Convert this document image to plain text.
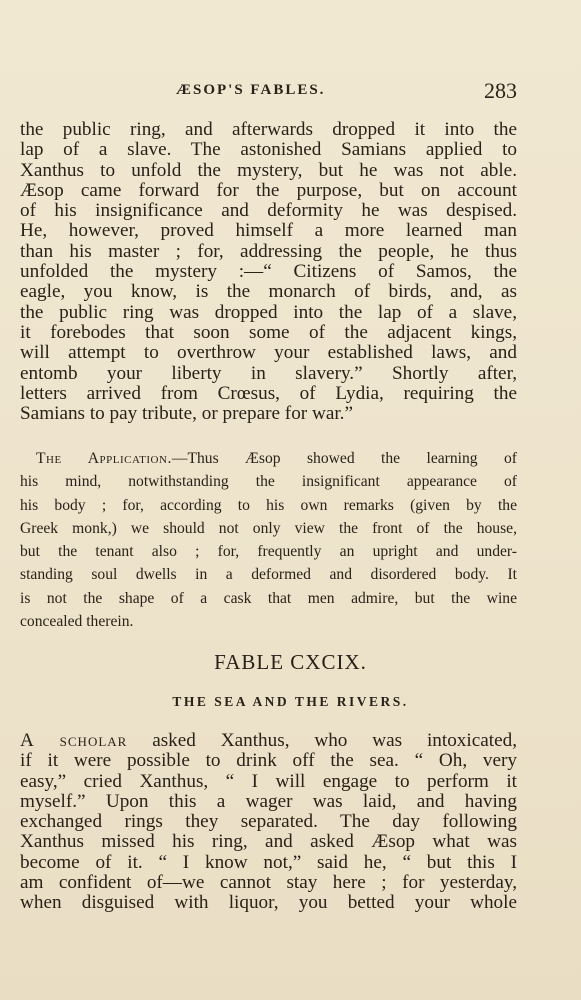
ÆSOP'S FABLES.	283
the public ring, and afterwards dropped it into the
lap of a slave. The astonished Samians applied to
Xanthus to unfold the mystery, but he was not able.
Æsop came forward for the purpose, but on account
of his insignificance and deformity he was despised.
He, however, proved himself a more learned man
than his master ; for, addressing the people, he thus
unfolded the mystery :—“ Citizens of Samos, the
eagle, you know, is the monarch of birds, and, as
the public ring was dropped into the lap of a slave,
it forebodes that soon some of the adjacent kings,
will attempt to overthrow your established laws, and
entomb your liberty in slavery.” Shortly after,
letters arrived from Crœsus, of Lydia, requiring the
Samians to pay tribute, or prepare for war.”
The Application.—Thus Æsop showed the learning of
his mind, notwithstanding the insignificant appearance of
his body ; for, according to his own remarks (given by the
Greek monk,) we should not only view the front of the house,
but the tenant also ; for, frequently an upright and under-
standing soul dwells in a deformed and disordered body. It
is not the shape of a cask that men admire, but the wine
concealed therein.
FABLE CXCIX.
THE SEA AND THE RIVERS.
A scholar asked Xanthus, who was intoxicated,
if it were possible to drink off the sea. “ Oh, very
easy,” cried Xanthus, “ I will engage to perform it
myself.” Upon this a wager was laid, and having
exchanged rings they separated. The day following
Xanthus missed his ring, and asked Æsop what was
become of it. “ I know not,” said he, “ but this I
am confident of—we cannot stay here ; for yesterday,
when disguised with liquor, you betted your whole
